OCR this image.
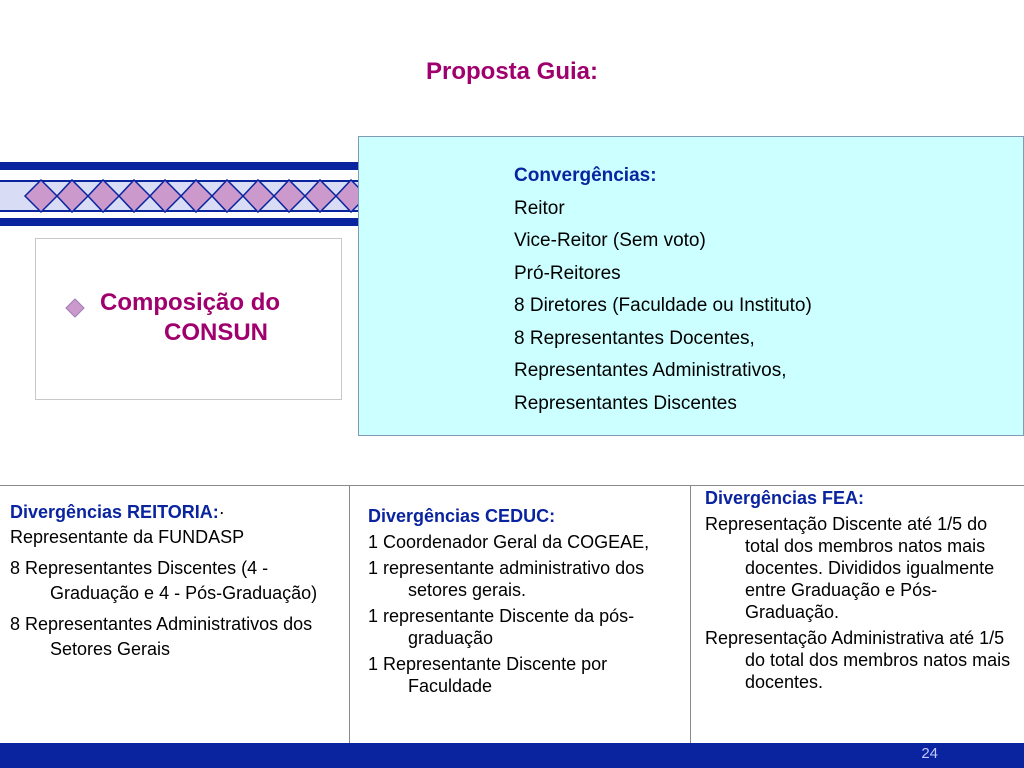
Proposta Guia:
Composição do
CONSUN
Convergências:
Reitor
Vice-Reitor (Sem voto)
Pró-Reitores
8 Diretores (Faculdade ou Instituto)
8 Representantes Docentes,
Representantes Administrativos,
Representantes Discentes
Divergências REITORIA:·
Representante da FUNDASP
8 Representantes Discentes (4 - Graduação e 4 - Pós-Graduação)
8 Representantes Administrativos dos Setores Gerais
Divergências CEDUC:
1 Coordenador Geral da COGEAE,
1 representante administrativo dos setores gerais.
1 representante Discente da pós-graduação
1 Representante Discente por Faculdade
Divergências FEA:
Representação Discente até 1/5 do total dos membros natos mais docentes. Divididos igualmente entre Graduação e Pós-Graduação.
Representação Administrativa até 1/5 do total dos membros natos mais docentes.
24
